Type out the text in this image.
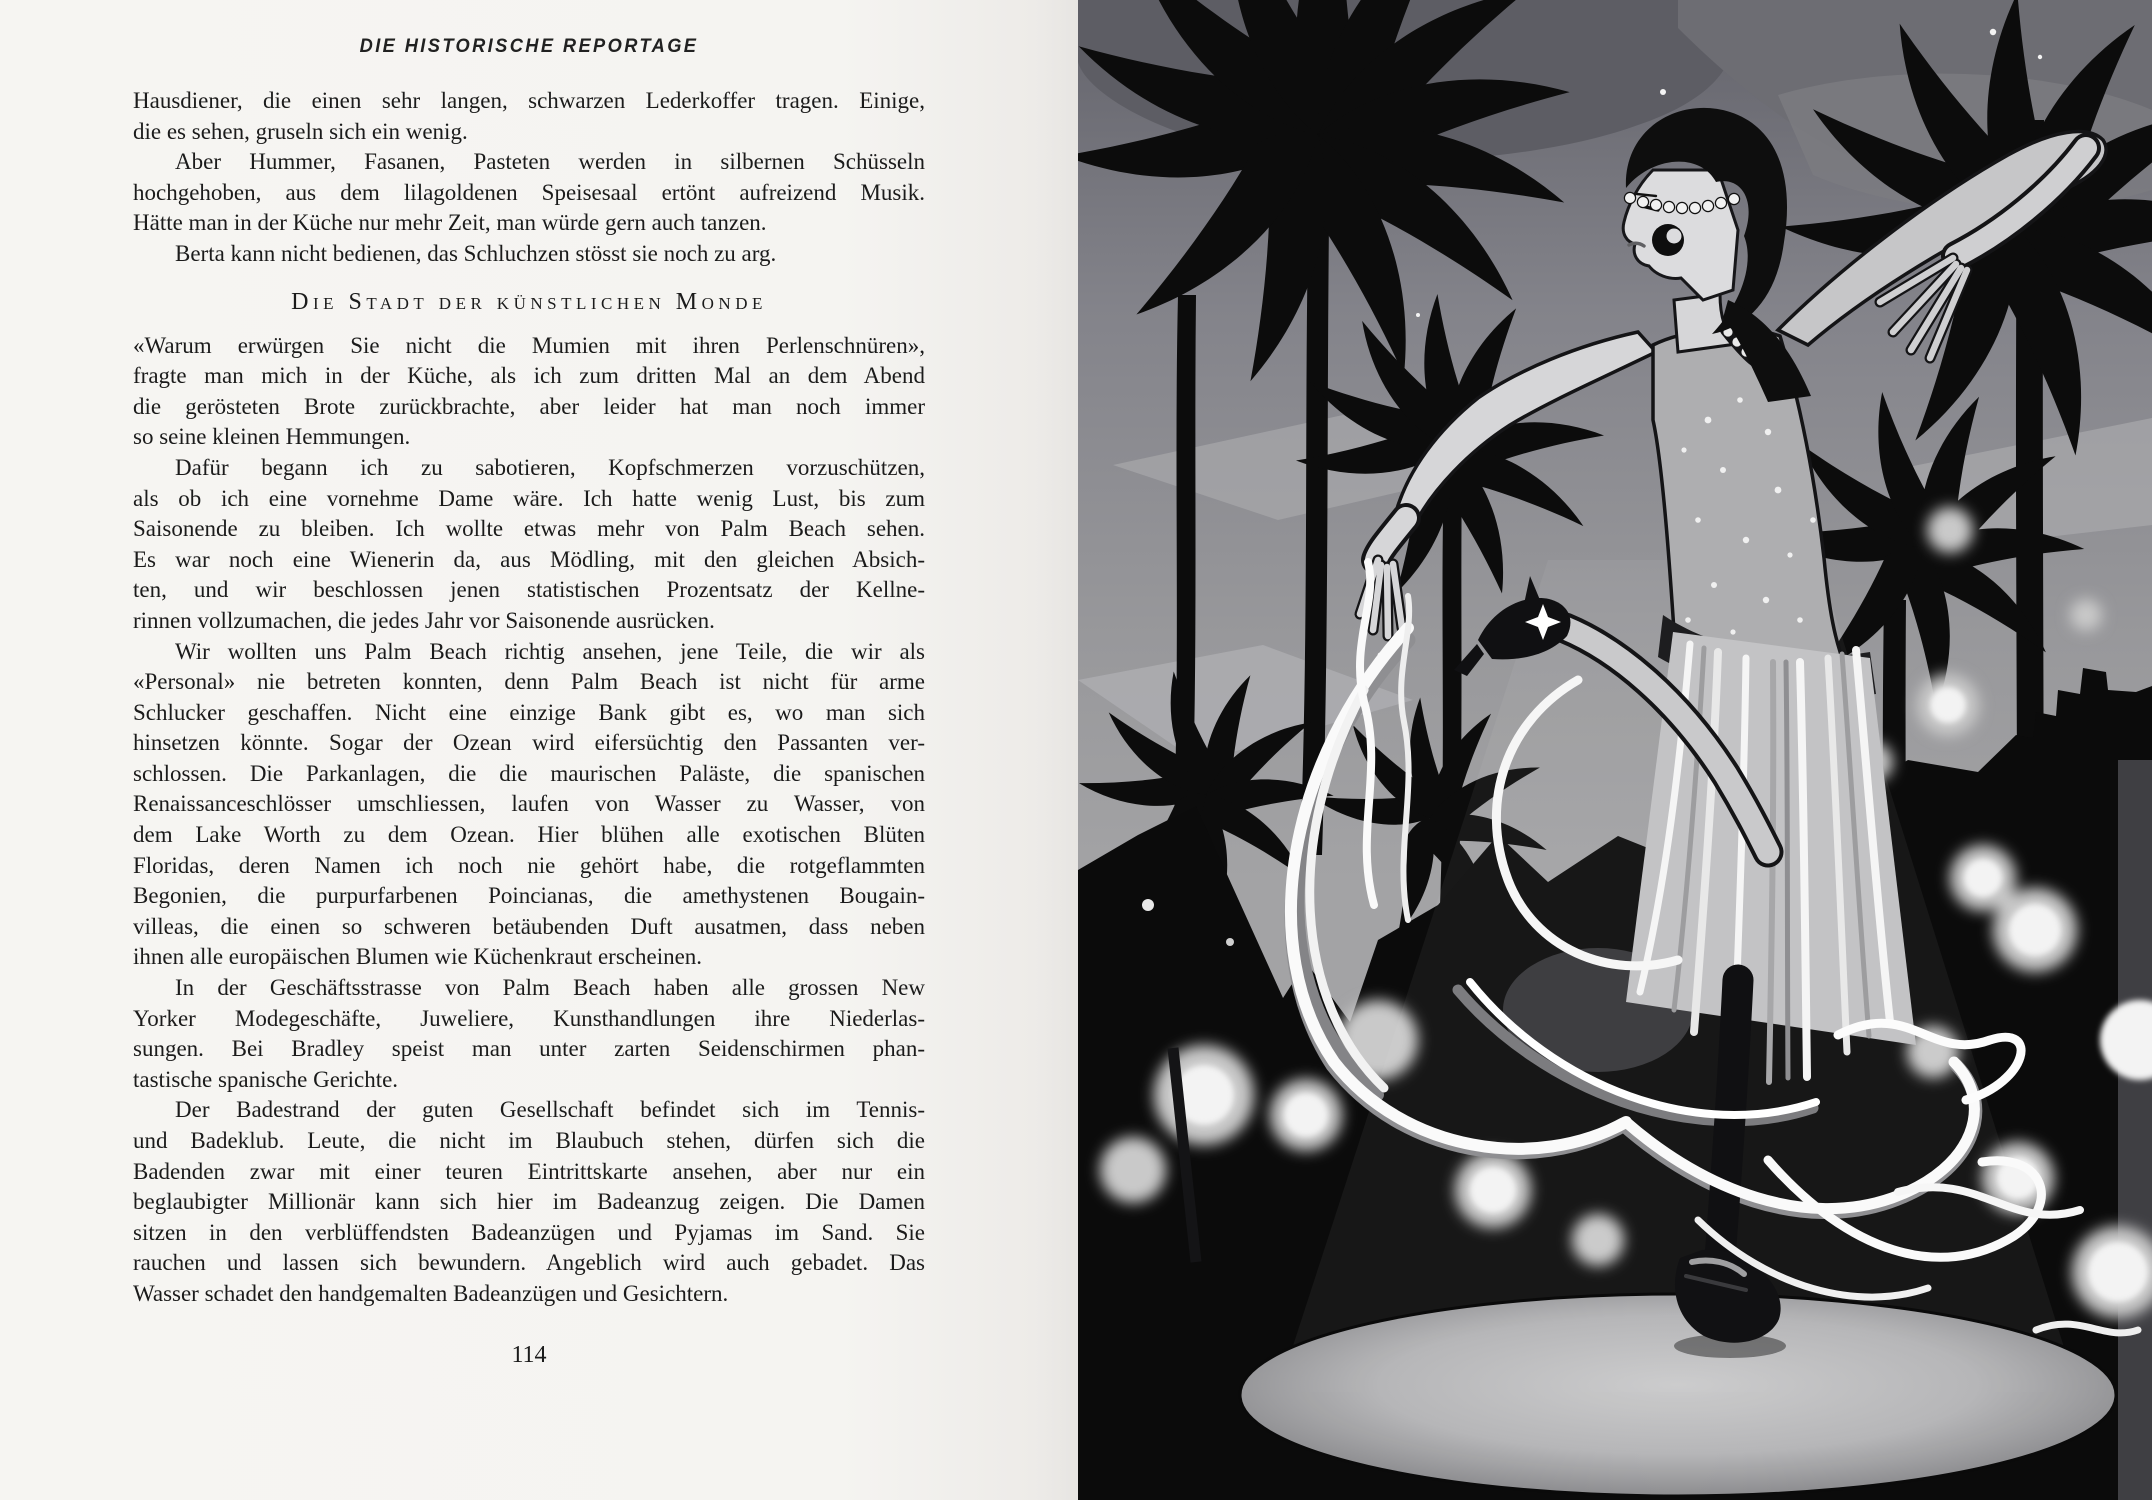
DIE HISTORISCHE REPORTAGE
Hausdiener, die einen sehr langen, schwarzen Lederkoffer tragen. Einige,
die es sehen, gruseln sich ein wenig.
Aber Hummer, Fasanen, Pasteten werden in silbernen Schüsseln
hochgehoben, aus dem lilagoldenen Speisesaal ertönt aufreizend Musik.
Hätte man in der Küche nur mehr Zeit, man würde gern auch tanzen.
Berta kann nicht bedienen, das Schluchzen stösst sie noch zu arg.
Die Stadt der künstlichen Monde
«Warum erwürgen Sie nicht die Mumien mit ihren Perlenschnüren»,
fragte man mich in der Küche, als ich zum dritten Mal an dem Abend
die gerösteten Brote zurückbrachte, aber leider hat man noch immer
so seine kleinen Hemmungen.
Dafür begann ich zu sabotieren, Kopfschmerzen vorzuschützen,
als ob ich eine vornehme Dame wäre. Ich hatte wenig Lust, bis zum
Saisonende zu bleiben. Ich wollte etwas mehr von Palm Beach sehen.
Es war noch eine Wienerin da, aus Mödling, mit den gleichen Absich-
ten, und wir beschlossen jenen statistischen Prozentsatz der Kellne-
rinnen vollzumachen, die jedes Jahr vor Saisonende ausrücken.
Wir wollten uns Palm Beach richtig ansehen, jene Teile, die wir als
«Personal» nie betreten konnten, denn Palm Beach ist nicht für arme
Schlucker geschaffen. Nicht eine einzige Bank gibt es, wo man sich
hinsetzen könnte. Sogar der Ozean wird eifersüchtig den Passanten ver-
schlossen. Die Parkanlagen, die die maurischen Paläste, die spanischen
Renaissanceschlösser umschliessen, laufen von Wasser zu Wasser, von
dem Lake Worth zu dem Ozean. Hier blühen alle exotischen Blüten
Floridas, deren Namen ich noch nie gehört habe, die rotgeflammten
Begonien, die purpurfarbenen Poincianas, die amethystenen Bougain-
villeas, die einen so schweren betäubenden Duft ausatmen, dass neben
ihnen alle europäischen Blumen wie Küchenkraut erscheinen.
In der Geschäftsstrasse von Palm Beach haben alle grossen New
Yorker Modegeschäfte, Juweliere, Kunsthandlungen ihre Niederlas-
sungen. Bei Bradley speist man unter zarten Seidenschirmen phan-
tastische spanische Gerichte.
Der Badestrand der guten Gesellschaft befindet sich im Tennis-
und Badeklub. Leute, die nicht im Blaubuch stehen, dürfen sich die
Badenden zwar mit einer teuren Eintrittskarte ansehen, aber nur ein
beglaubigter Millionär kann sich hier im Badeanzug zeigen. Die Damen
sitzen in den verblüffendsten Badeanzügen und Pyjamas im Sand. Sie
rauchen und lassen sich bewundern. Angeblich wird auch gebadet. Das
Wasser schadet den handgemalten Badeanzügen und Gesichtern.
114
